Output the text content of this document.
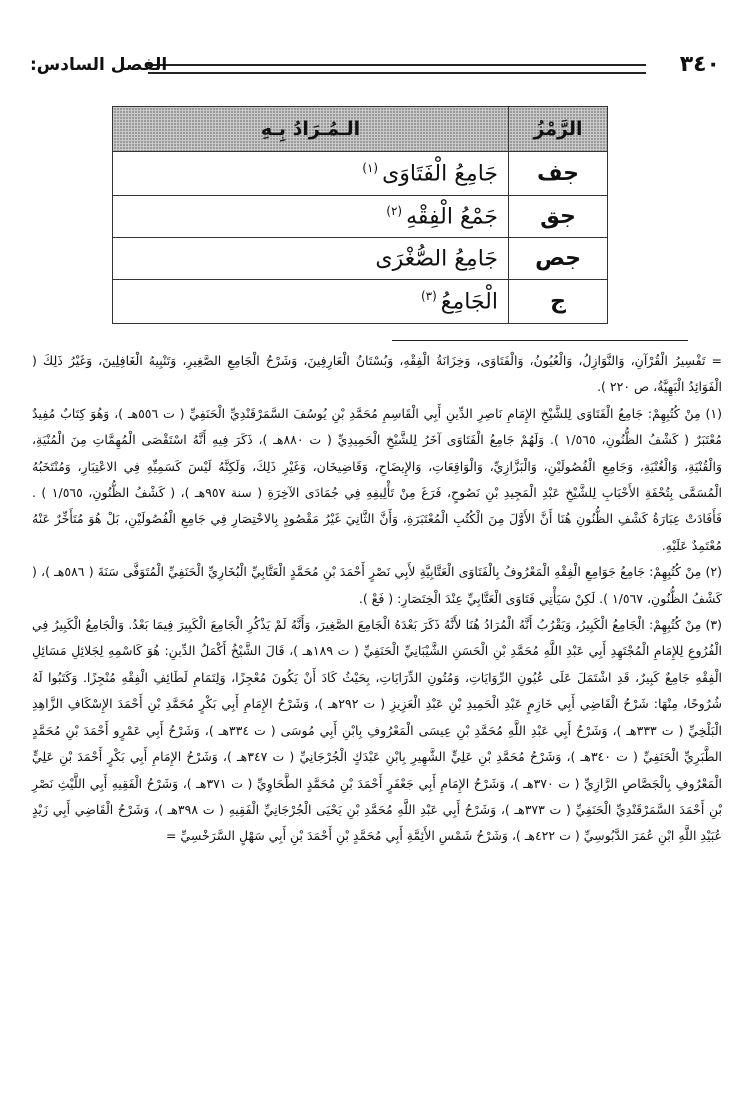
٣٤٠
الفصل السادس:
الرَّمْزُ	الـمُـرَادُ بِـهِ
جف	جَامِعُ الْفَتَاوَى$^{(١)}$
جق	جَمْعُ الْفِقْهِ$^{(٢)}$
جص	جَامِعُ الصُّغْرَى
ج	الْجَامِعُ$^{(٣)}$

= تَفْسِيرُ الْقُرْآنِ، وَالنَّوَازِلُ، وَالْعُيُونُ، وَالْفَتَاوَى، وَخِزَانَةُ الْفِقْهِ، وَبُسْتَانُ الْعَارِفِينَ، وَشَرْحُ الْجَامِعِ الصَّغِيرِ، وَتَنْبِيهُ الْغَافِلِينَ، وَغَيْرُ ذَلِكَ ( الْفَوَائِدُ الْبَهِيَّةُ، ص ٢٢٠ ).

(١) مِنْ كُتُبِهِمْ: جَامِعُ الْفَتَاوَى لِلشَّيْخِ الإِمَامِ نَاصِرِ الدِّينِ أَبِي الْقَاسِمِ مُحَمَّدِ بْنِ يُوسُفَ السَّمَرْقَنْدِيِّ الْحَنَفِيِّ ( ت ٥٥٦هـ )، وَهُوَ كِتَابٌ مُفِيدٌ مُعْتَبَرٌ ( كَشْفُ الظُّنُونِ، ١/٥٦٥ ). وَلَهُمْ جَامِعُ الْفَتَاوَى آخَرُ لِلشَّيْخِ الْحَمِيدِيِّ ( ت ٨٨٠هـ )، ذَكَرَ فِيهِ أَنَّهُ اسْتَقْصَى الْمُهِمَّاتِ مِنَ الْمُنْيَةِ، وَالْقُنْيَةِ، وَالْغُنْيَةِ، وَجَامِعِ الْفُصُولَيْنِ، وَالْبَزَّازِيِّ، وَالْوَاقِعَاتِ، وَالإِيضَاحِ، وَقَاضِيخَان، وَغَيْرِ ذَلِكَ، وَلَكِنَّهُ لَيْسَ كَسَمِيِّهِ فِي الاعْتِبَارِ، وَمُنْتَخَبُهُ الْمُسَمَّى بِتُحْفَةِ الأَحْبَابِ لِلشَّيْخِ عَبْدِ الْمَجِيدِ بْنِ نَصُوحٍ، فَرَغَ مِنْ تَأْلِيفِهِ فِي جُمَادَى الآخِرَةِ ( سنة ٩٥٧هـ )، ( كَشْفُ الظُّنُونِ، ١/٥٦٥ ) . فَأَفَادَتْ عِبَارَةُ كَشْفِ الظُّنُونِ هُنَا أَنَّ الأَوَّلَ مِنَ الْكُتُبِ الْمُعْتَبَرَةِ، وَأَنَّ الثَّانِيَ غَيْرُ مَقْصُودٍ بِالاخْتِصَارِ فِي جَامِعِ الْفُصُولَيْنِ، بَلْ هُوَ مُتَأَخِّرٌ عَنْهُ مُعْتَمِدٌ عَلَيْهِ.

(٢) مِنْ كُتُبِهِمْ: جَامِعُ جَوَامِعِ الْفِقْهِ الْمَعْرُوفُ بِالْفَتَاوَى الْعَتَّابِيَّةِ لأَبِي نَصْرٍ أَحْمَدَ بْنِ مُحَمَّدٍ الْعَتَّابِيِّ الْبُخَارِيِّ الْحَنَفِيِّ الْمُتَوَفَّى سَنَةَ ( ٥٨٦هـ )، ( كَشْفُ الظُّنُونِ، ١/٥٦٧ ). لَكِنْ سَيَأْتِي فَتَاوَى الْعَتَّابِيِّ عِنْدَ الْخِتَصَارِ: ( فَعْ ).

(٣) مِنْ كُتُبِهِمْ: الْجَامِعُ الْكَبِيرُ، وَيَقْرُبُ أَنَّهُ الْمُرَادُ هُنَا لأَنَّهُ ذَكَرَ بَعْدَهُ الْجَامِعَ الصَّغِيرَ، وَأَنَّهُ لَمْ يَذْكُرِ الْجَامِعَ الْكَبِيرَ فِيمَا بَعْدُ. وَالْجَامِعُ الْكَبِيرُ فِي الْفُرُوعِ لِلإِمَامِ الْمُجْتَهِدِ أَبِي عَبْدِ اللَّهِ مُحَمَّدِ بْنِ الْحَسَنِ الشَّيْبَانِيِّ الْحَنَفِيِّ ( ت ١٨٩هـ )، قَالَ الشَّيْخُ أَكْمَلُ الدِّينِ: هُوَ كَاسْمِهِ لِجَلائِلِ مَسَائِلِ الْفِقْهِ جَامِعٌ كَبِيرٌ، قَدِ اشْتَمَلَ عَلَى عُيُونِ الرِّوَايَاتِ، وَمُتُونِ الدِّرَايَاتِ، بِحَيْثُ كَادَ أَنْ يَكُونَ مُعْجِزًا، وَلِتَمَامِ لَطَائِفِ الْفِقْهِ مُنْجِزًا. وَكَتَبُوا لَهُ شُرُوحًا، مِنْهَا: شَرْحُ الْقَاضِي أَبِي خَازِمٍ عَبْدِ الْحَمِيدِ بْنِ عَبْدِ الْعَزِيزِ ( ت ٢٩٢هـ )، وَشَرْحُ الإِمَامِ أَبِي بَكْرٍ مُحَمَّدِ بْنِ أَحْمَدَ الإِسْكَافِ الزَّاهِدِ الْبَلْخِيِّ ( ت ٣٣٣هـ )، وَشَرْحُ أَبِي عَبْدِ اللَّهِ مُحَمَّدِ بْنِ عِيسَى الْمَعْرُوفِ بِابْنِ أَبِي مُوسَى ( ت ٣٣٤هـ )، وَشَرْحُ أَبِي عَمْرٍو أَحْمَدَ بْنِ مُحَمَّدٍ الطَّبَرِيِّ الْحَنَفِيِّ ( ت ٣٤٠هـ )، وَشَرْحُ مُحَمَّدِ بْنِ عَلِيٍّ الشَّهِيرِ بِابْنِ عَبْدَكٍ الْجُرْجَانِيِّ ( ت ٣٤٧هـ )، وَشَرْحُ الإِمَامِ أَبِي بَكْرٍ أَحْمَدَ بْنِ عَلِيٍّ الْمَعْرُوفِ بِالْجَصَّاصِ الرَّازِيِّ ( ت ٣٧٠هـ )، وَشَرْحُ الإِمَامِ أَبِي جَعْفَرٍ أَحْمَدَ بْنِ مُحَمَّدٍ الطَّحَاوِيِّ ( ت ٣٧١هـ )، وَشَرْحُ الْفَقِيهِ أَبِي اللَّيْثِ نَصْرِ بْنِ أَحْمَدَ السَّمَرْقَنْدِيِّ الْحَنَفِيِّ ( ت ٣٧٣هـ )، وَشَرْحُ أَبِي عَبْدِ اللَّهِ مُحَمَّدِ بْنِ يَحْيَى الْجُرْجَانِيِّ الْفَقِيهِ ( ت ٣٩٨هـ )، وَشَرْحُ الْقَاضِي أَبِي زَيْدٍ عُبَيْدِ اللَّهِ ابْنِ عُمَرَ الدَّبُوسِيِّ ( ت ٤٢٢هـ )، وَشَرْحُ شَمْسِ الأَئِمَّةِ أَبِي مُحَمَّدٍ بْنِ أَحْمَدَ بْنِ أَبِي سَهْلٍ السَّرَخْسِيِّ =
